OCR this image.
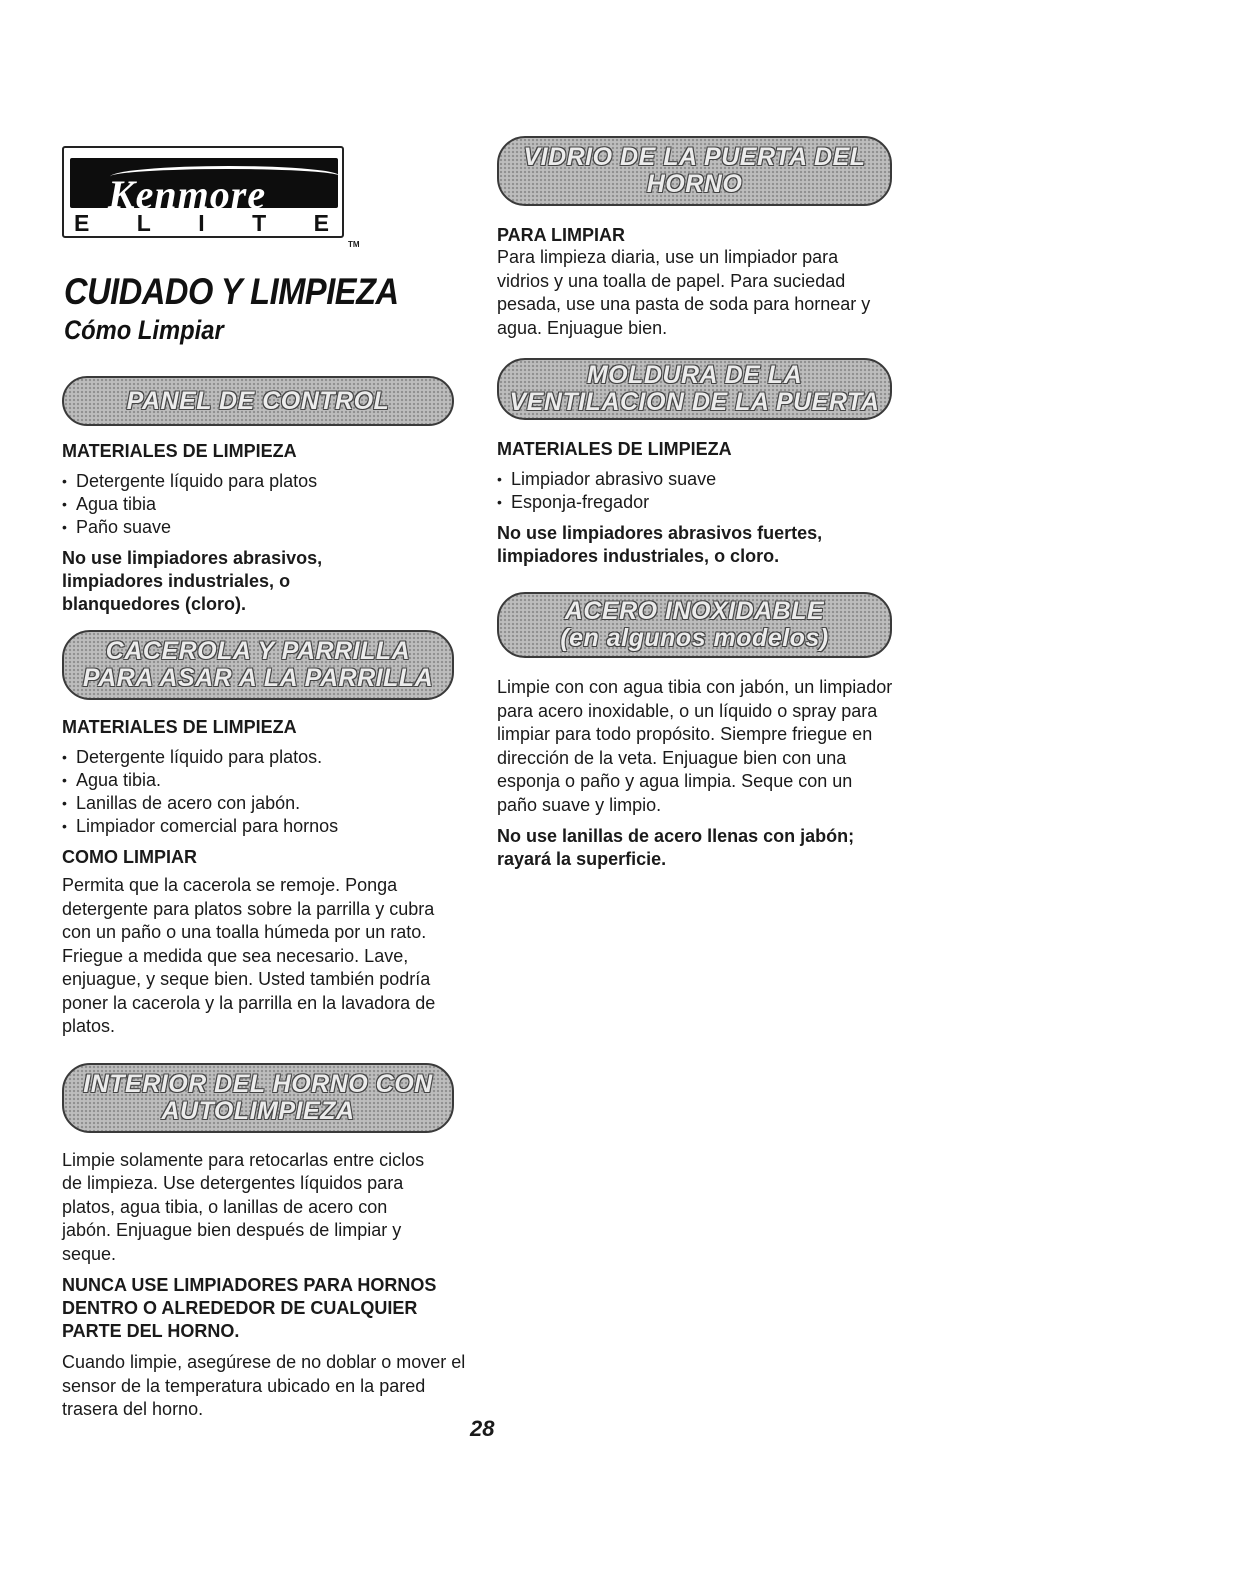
Kenmore
E L I T E
TM
CUIDADO Y LIMPIEZA
Cómo Limpiar
PANEL DE CONTROL

MATERIALES DE LIMPIEZA

• Detergente líquido para platos
• Agua tibia
• Paño suave

No use limpiadores abrasivos, limpiadores industriales, o blanquedores (cloro).

CACEROLA Y PARRILLA
PARA ASAR A LA PARRILLA

MATERIALES DE LIMPIEZA

• Detergente líquido para platos.
• Agua tibia.
• Lanillas de acero con jabón.
• Limpiador comercial para hornos

COMO LIMPIAR

Permita que la cacerola se remoje. Ponga detergente para platos sobre la parrilla y cubra con un paño o una toalla húmeda por un rato. Friegue a medida que sea necesario. Lave, enjuague, y seque bien. Usted también podría poner la cacerola y la parrilla en la lavadora de platos.

INTERIOR DEL HORNO CON
AUTOLIMPIEZA

Limpie solamente para retocarlas entre ciclos de limpieza. Use detergentes líquidos para platos, agua tibia, o lanillas de acero con jabón. Enjuague bien después de limpiar y seque.

NUNCA USE LIMPIADORES PARA HORNOS DENTRO O ALREDEDOR DE CUALQUIER PARTE DEL HORNO.

Cuando limpie, asegúrese de no doblar o mover el sensor de la temperatura ubicado en la pared trasera del horno.

VIDRIO DE LA PUERTA DEL
HORNO

PARA LIMPIAR

Para limpieza diaria, use un limpiador para vidrios y una toalla de papel. Para suciedad pesada, use una pasta de soda para hornear y agua. Enjuague bien.

MOLDURA DE LA
VENTILACION DE LA PUERTA

MATERIALES DE LIMPIEZA

• Limpiador abrasivo suave
• Esponja-fregador

No use limpiadores abrasivos fuertes, limpiadores industriales, o cloro.

ACERO INOXIDABLE
(en algunos modelos)

Limpie con con agua tibia con jabón, un limpiador para acero inoxidable, o un líquido o spray para limpiar para todo propósito. Siempre friegue en dirección de la veta. Enjuague bien con una esponja o paño y agua limpia. Seque con un paño suave y limpio.

No use lanillas de acero llenas con jabón; rayará la superficie.

28
